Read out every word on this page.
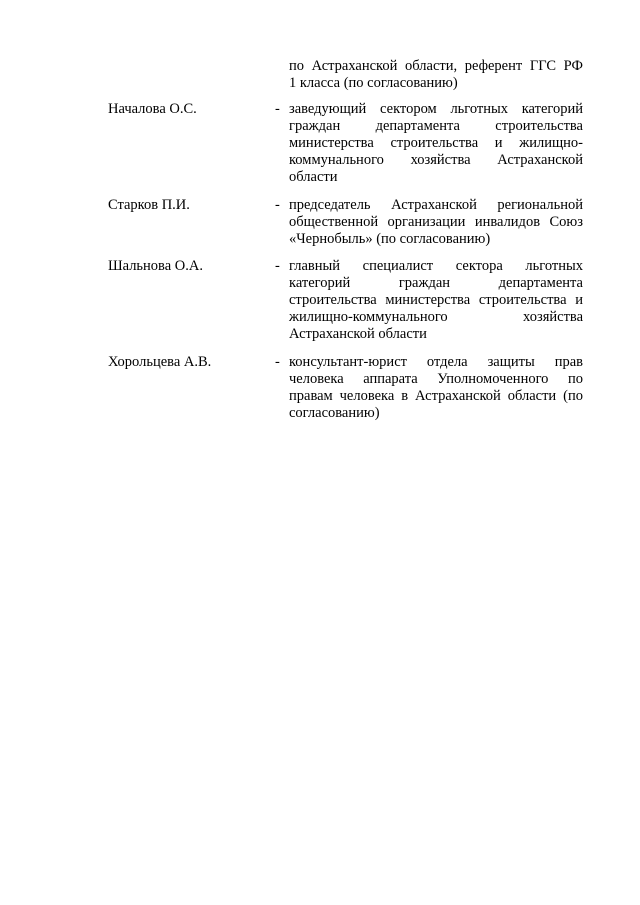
по Астраханской области, референт ГГС РФ
1 класса (по согласованию)
Началова О.С.	- заведующий сектором льготных категорий
граждан департамента строительства
министерства строительства и жилищно-
коммунального хозяйства Астраханской
области
Старков П.И.	- председатель Астраханской региональной
общественной организации инвалидов Союз
«Чернобыль» (по согласованию)
Шальнова О.А.	- главный специалист сектора льготных
категорий	граждан	департамента
строительства министерства строительства и
жилищно-коммунального	хозяйства
Астраханской области
Хорольцева А.В.	- консультант-юрист отдела защиты прав
человека аппарата Уполномоченного по
правам человека в Астраханской области (по
согласованию)
